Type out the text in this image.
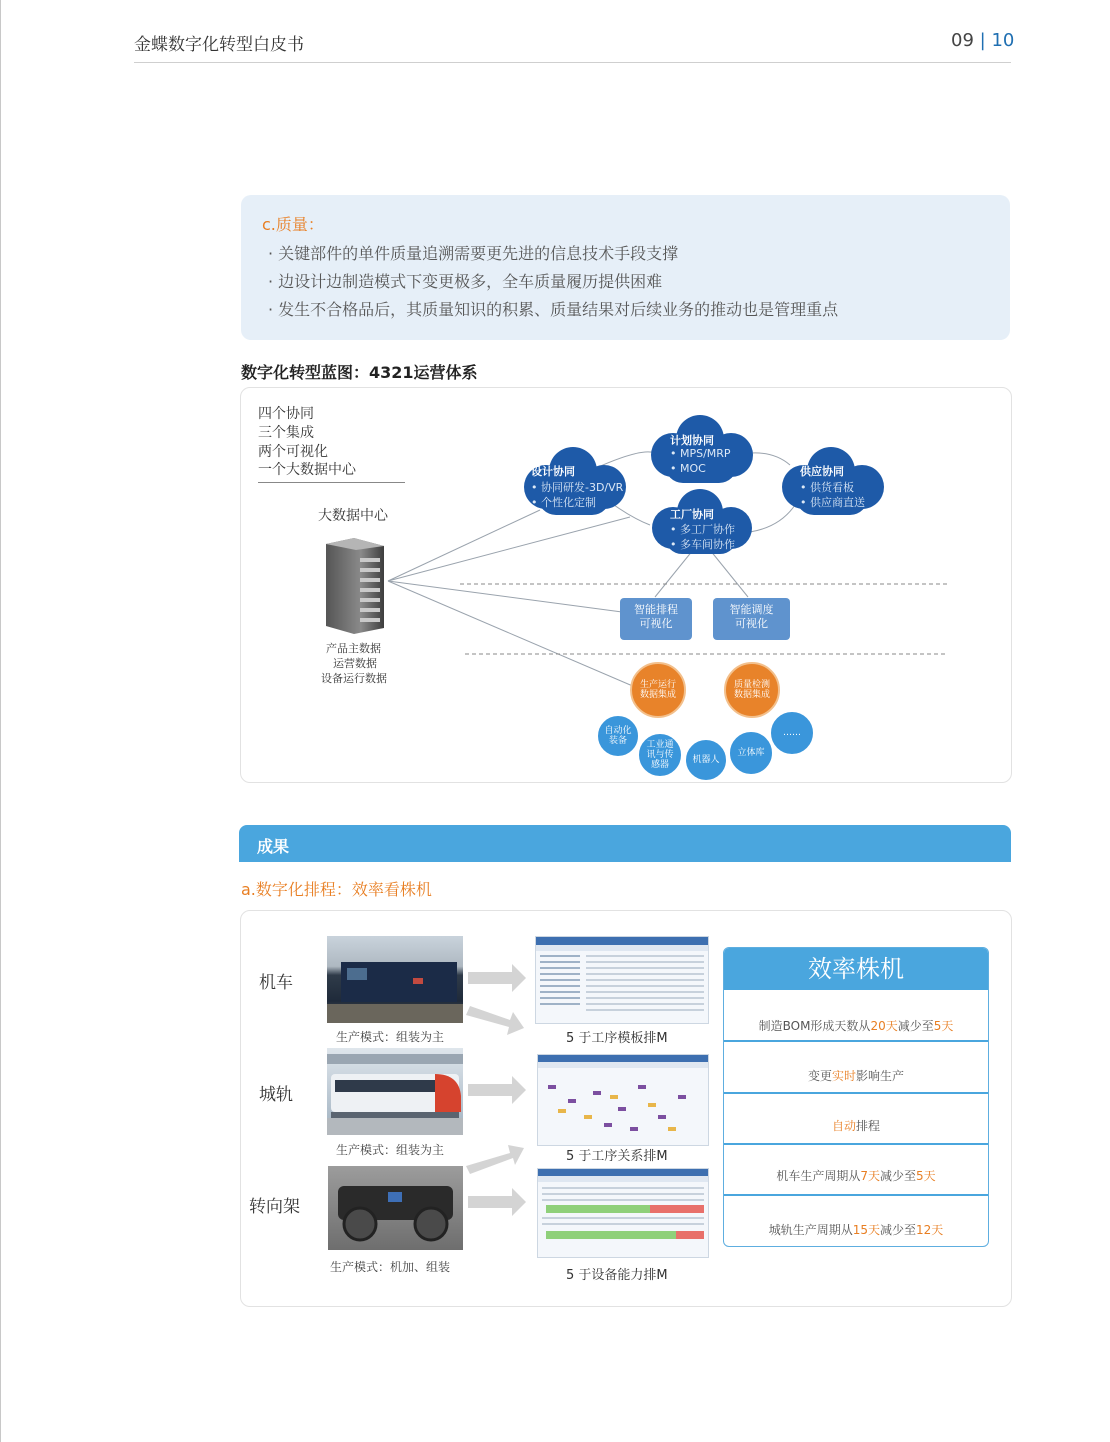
金蝶数字化转型白皮书	09 | 10
c.质量：
· 关键部件的单件质量追溯需要更先进的信息技术手段支撑
· 边设计边制造模式下变更极多，全车质量履历提供困难
· 发生不合格品后，其质量知识的积累、质量结果对后续业务的推动也是管理重点
数字化转型蓝图：4321运营体系
四个协同
三个集成
两个可视化
一个大数据中心
大数据中心
产品主数据
运营数据
设备运行数据
设计协同
• 协同研发-3D/VR
• 个性化定制
计划协同
• MPS/MRP
• MOC	供应协同
• 供货看板
• 供应商直送
工厂协同
• 多工厂协作
• 多车间协作
智能排程
可视化
智能调度
可视化
生产运行
数据集成
质量检测
数据集成
自动化
装备	工业通
讯与传
感器	机器人
立体库
……
成果
a.数字化排程：效率看株机
机车
城轨
转向架
生产模式：组装为主
生产模式：组装为主
生产模式：机加、组装
5 于工序模板排M
5 于工序关系排M
5 于设备能力排M
效率株机
制造BOM形成天数从20天减少至5天
变更实时影响生产
自动排程
机车生产周期从7天减少至5天
城轨生产周期从15天减少至12天
